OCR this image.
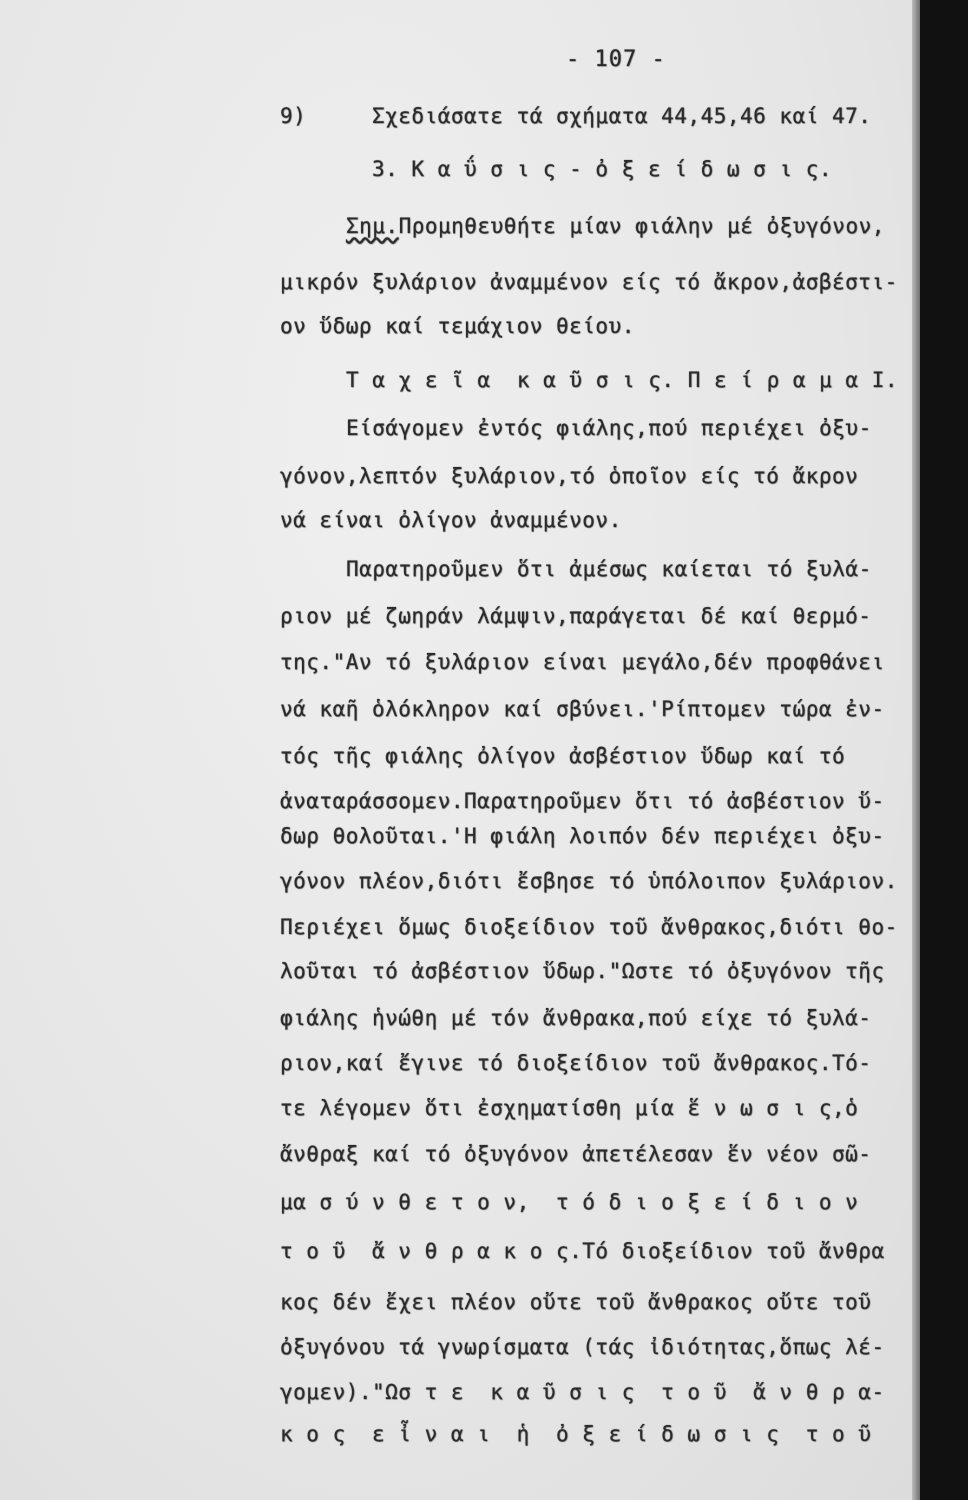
- 107 -
9)	Σχεδιάσατε τά σχήματα 44,45,46 καί 47.
3. Κ α ΰ σ ι ς - ὀ ξ ε ί δ ω σ ι ς.
Σημ.Προμηθευθήτε μίαν φιάλην μέ ὀξυγόνον,
μικρόν ξυλάριον ἀναμμένον είς τό ἄκρον,ἀσβέστι-
ον ὕδωρ καί τεμάχιον θείου.
Τ α χ ε ῖ α  κ α ῦ σ ι ς. Π ε ί ρ α μ α Ι.
Είσάγομεν ἐντός φιάλης,πού περιέχει ὀξυ-
γόνον,λεπτόν ξυλάριον,τό ὁποῖον είς τό ἄκρον
νά είναι ὀλίγον ἀναμμένον.
Παρατηροῦμεν ὅτι ἀμέσως καίεται τό ξυλά-
ριον μέ ζωηράν λάμψιν,παράγεται δέ καί θερμό-
της."Αν τό ξυλάριον είναι μεγάλο,δέν προφθάνει
νά καῆ ὁλόκληρον καί σβύνει.'Ρίπτομεν τώρα ἐν-
τός τῆς φιάλης ὀλίγον ἀσβέστιον ὕδωρ καί τό
ἀναταράσσομεν.Παρατηροῦμεν ὅτι τό ἀσβέστιον ὕ-
δωρ θολοῦται.'Η φιάλη λοιπόν δέν περιέχει ὀξυ-
γόνον πλέον,διότι ἔσβησε τό ὑπόλοιπον ξυλάριον.
Περιέχει ὅμως διοξείδιον τοῦ ἄνθρακος,διότι θο-
λοῦται τό ἀσβέστιον ὕδωρ."Ωστε τό ὀξυγόνον τῆς
φιάλης ἡνώθη μέ τόν ἄνθρακα,πού είχε τό ξυλά-
ριον,καί ἔγινε τό διοξείδιον τοῦ ἄνθρακος.Τό-
τε λέγομεν ὅτι ἐσχηματίσθη μία ἕ ν ω σ ι ς,ὁ
ἄνθραξ καί τό ὀξυγόνον ἀπετέλεσαν ἕν νέον σῶ-
μα σ ύ ν θ ε τ ο ν,  τ ό δ ι ο ξ ε ί δ ι ο ν
τ ο ῦ  ἄ ν θ ρ α κ ο ς.Τό διοξείδιον τοῦ ἄνθρα
κος δέν ἔχει πλέον οὔτε τοῦ ἄνθρακος οὔτε τοῦ
ὀξυγόνου τά γνωρίσματα (τάς ἰδιότητας,ὅπως λέ-
γομεν)."Ωσ τ ε  κ α ῦ σ ι ς  τ ο ῦ  ἄ ν θ ρ α-
κ ο ς  ε ἶ ν α ι  ἡ  ὀ ξ ε ί δ ω σ ι ς  τ ο ῦ
